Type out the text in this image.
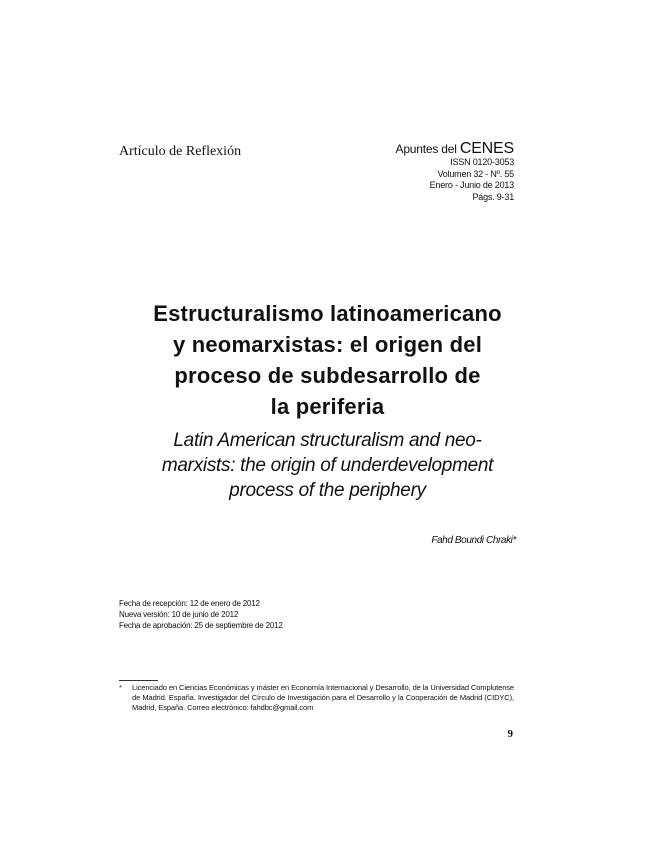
Artículo de Reflexión	Apuntes del CENES
ISSN 0120-3053
Volumen 32 - Nº. 55
Enero - Junio de 2013
Págs. 9-31
Estructuralismo latinoamericano
y neomarxistas: el origen del
proceso de subdesarrollo de
la periferia
Latin American structuralism and neo-
marxists: the origin of underdevelopment
process of the periphery
Fahd Boundi Chraki*
Fecha de recepción: 12 de enero de 2012
Nueva versión: 10 de junio de 2012
Fecha de aprobación: 25 de septiembre de 2012
*	Licenciado en Ciencias Económicas y máster en Economía Internacional y Desarrollo, de la Universidad Complutense de Madrid. España. Investigador del Círculo de Investigación para el Desarrollo y la Cooperación de Madrid (CIDYC), Madrid, España. Correo electrónico: fahdbc@gmail.com
9
